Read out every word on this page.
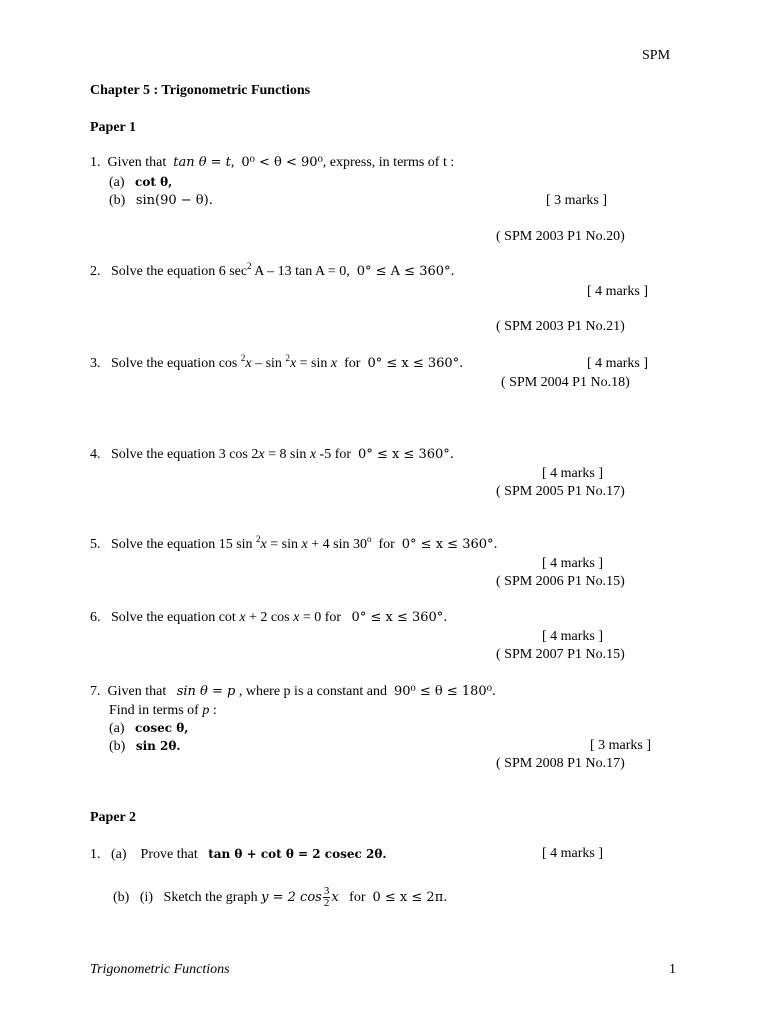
SPM
Chapter 5 : Trigonometric Functions
Paper 1
1. Given that tan θ = t, 0⁰ < θ < 90⁰, express, in terms of t :
(a) cot θ,
(b) sin(90 − θ).	[ 3 marks ]
( SPM 2003 P1 No.20)
2. Solve the equation 6 $\sec^2 A - 13$ tan A = 0, 0° ≤ A ≤ 360°.
[ 4 marks ]
( SPM 2003 P1 No.21)
3. Solve the equation cos $^2$x – sin $^2$x = sin x for 0° ≤ x ≤ 360°.	[ 4 marks ]
( SPM 2004 P1 No.18)
4. Solve the equation 3 cos 2x = 8 sin x -5 for 0° ≤ x ≤ 360°.
[ 4 marks ]
( SPM 2005 P1 No.17)
5. Solve the equation 15 sin $^2$x = sin x + 4 sin 30$^o$ for 0° ≤ x ≤ 360°.
[ 4 marks ]
( SPM 2006 P1 No.15)
6. Solve the equation cot x + 2 cos x = 0 for 0° ≤ x ≤ 360°.
[ 4 marks ]
( SPM 2007 P1 No.15)
7. Given that sin θ = p , where p is a constant and 90⁰ ≤ θ ≤ 180⁰.
Find in terms of p :
(a) cosec θ,
(b) sin 2θ.	[ 3 marks ]
( SPM 2008 P1 No.17)
Paper 2
1. (a) Prove that tan θ + cot θ = 2 cosec 2θ.	[ 4 marks ]
(b) (i) Sketch the graph y = 2 $\cos \frac{3}{2}$ x for 0 ≤ x ≤ 2π.
Trigonometric Functions	1
